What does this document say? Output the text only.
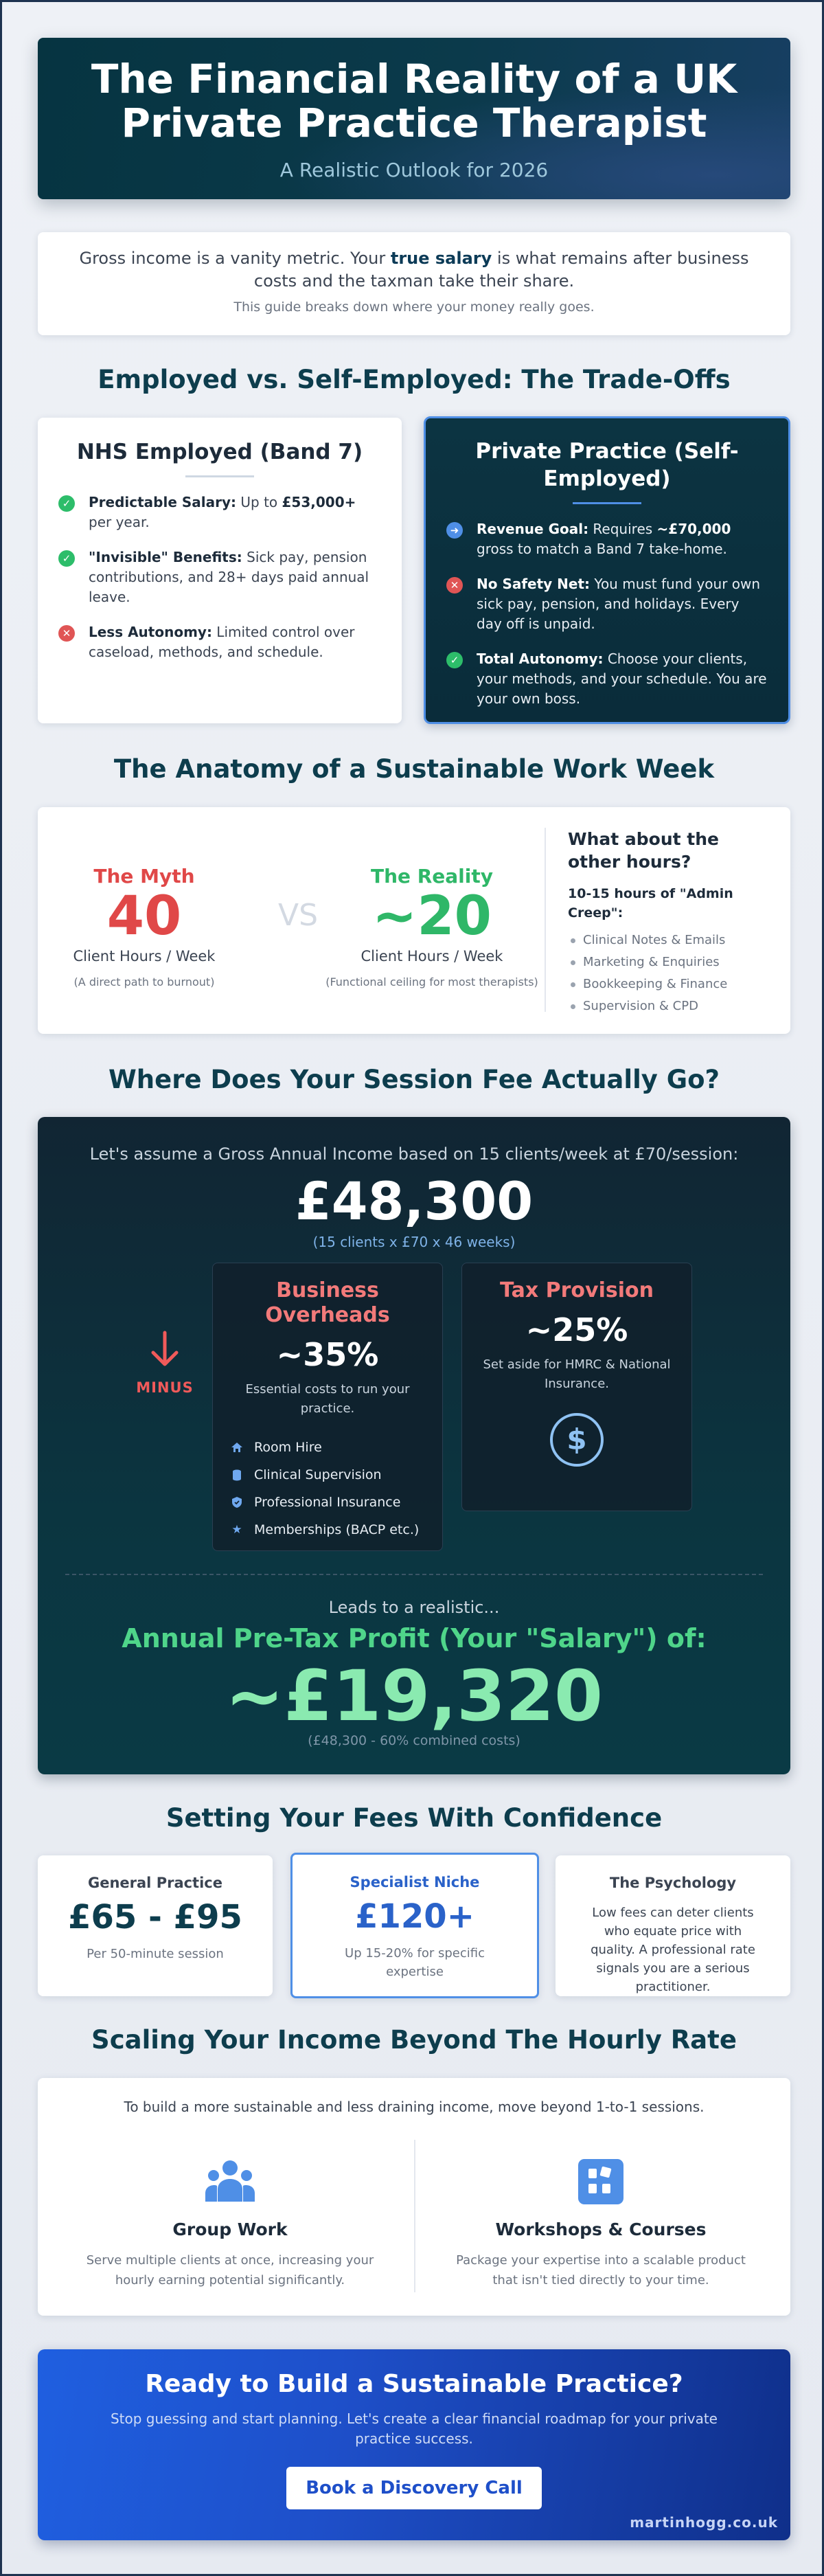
The Financial Reality of a UK
Private Practice Therapist
A Realistic Outlook for 2026

Gross income is a vanity metric. Your true salary is what remains after business costs and the taxman take their share.

This guide breaks down where your money really goes.

Employed vs. Self-Employed: The Trade-Offs
NHS Employed (Band 7)
✓ Predictable Salary: Up to £53,000+ per year.
✓ "Invisible" Benefits: Sick pay, pension contributions, and 28+ days paid annual leave.
✕ Less Autonomy: Limited control over caseload, methods, and schedule.
Private Practice (Self-Employed)
➜ Revenue Goal: Requires ~£70,000 gross to match a Band 7 take-home.
✕ No Safety Net: You must fund your own sick pay, pension, and holidays. Every day off is unpaid.
✓ Total Autonomy: Choose your clients, your methods, and your schedule. You are your own boss.
The Anatomy of a Sustainable Work Week
The Myth
40
Client Hours / Week
(A direct path to burnout)
VS
The Reality
~20
Client Hours / Week
(Functional ceiling for most therapists)
What about the other hours?
10-15 hours of "Admin Creep":
Clinical Notes & Emails
Marketing & Enquiries
Bookkeeping & Finance
Supervision & CPD
Where Does Your Session Fee Actually Go?
Let's assume a Gross Annual Income based on 15 clients/week at £70/session:
£48,300
(15 clients x £70 x 46 weeks)
MINUS
Business
Overheads
~35%
Essential costs to run your practice.
Room Hire
Clinical Supervision
Professional Insurance
★ Memberships (BACP etc.)
Tax Provision
~25%
Set aside for HMRC & National Insurance.
$
Leads to a realistic...
Annual Pre-Tax Profit (Your "Salary") of:
~£19,320
(£48,300 - 60% combined costs)
Setting Your Fees With Confidence
General Practice
£65 - £95
Per 50-minute session
Specialist Niche
£120+
Up 15-20% for specific expertise
The Psychology
Low fees can deter clients who equate price with quality. A professional rate signals you are a serious practitioner.
Scaling Your Income Beyond The Hourly Rate
To build a more sustainable and less draining income, move beyond 1-to-1 sessions.
Group Work

Serve multiple clients at once, increasing your hourly earning potential significantly.

Workshops & Courses

Package your expertise into a scalable product that isn't tied directly to your time.

Ready to Build a Sustainable Practice?

Stop guessing and start planning. Let's create a clear financial roadmap for your private practice success.

Book a Discovery Call
martinhogg.co.uk
